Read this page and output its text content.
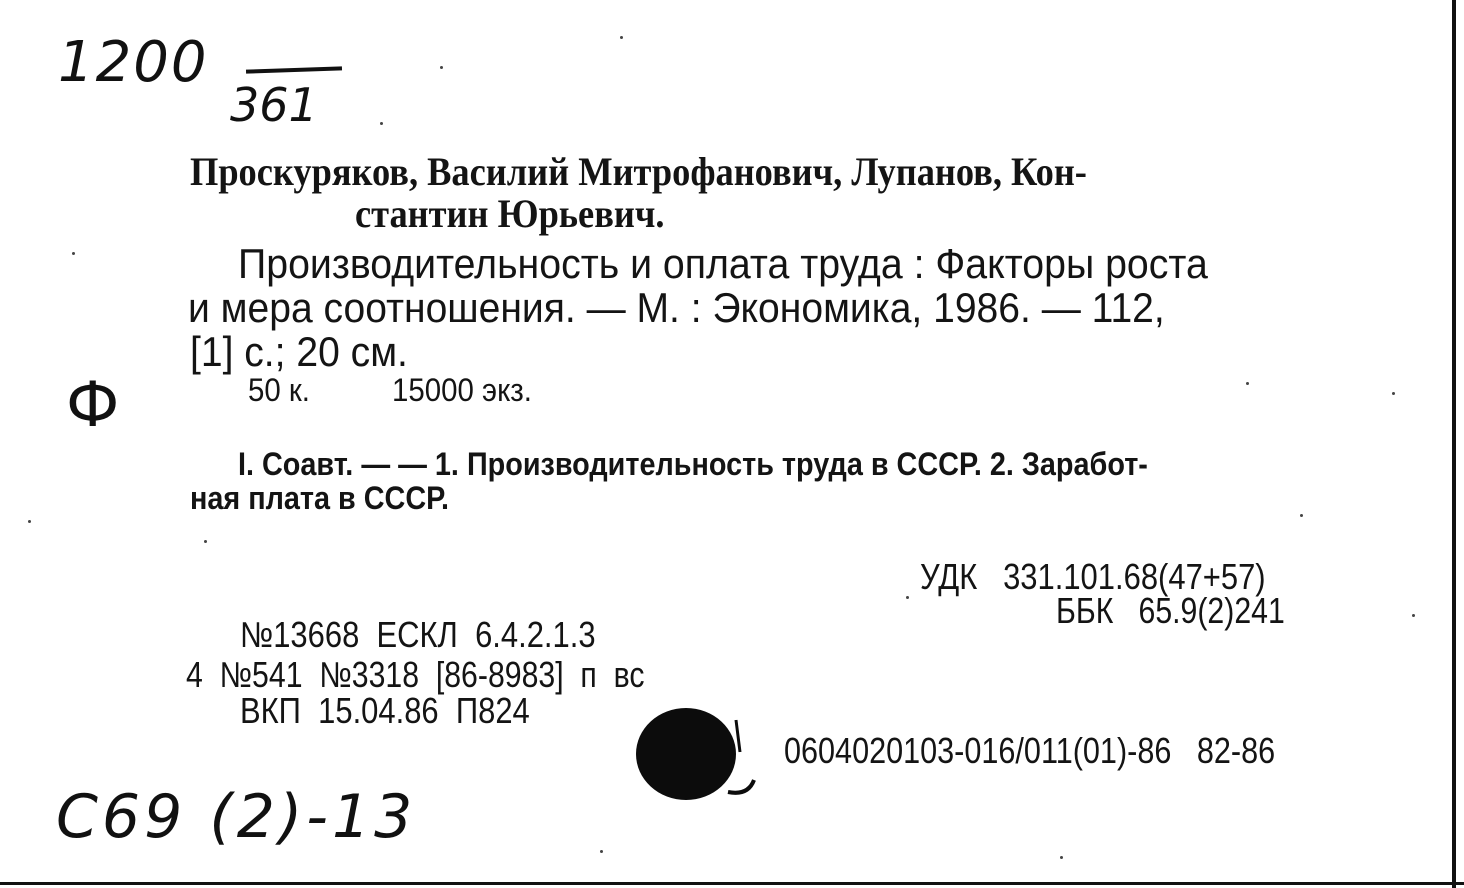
1200
361
Проскуряков, Василий Митрофанович, Лупанов, Кон-
стантин Юрьевич.
Производительность и оплата труда : Факторы роста
и мера соотношения. — М. : Экономика, 1986. — 112,
[1] с.; 20 см.
Ф	50 к.	15000 экз.
I. Соавт. — — 1. Производительность труда в СССР. 2. Заработ-
ная плата в СССР.
УДК   331.101.68(47+57)
ББК   65.9(2)241
№13668  ЕСКЛ  6.4.2.1.3
4  №541  №3318  [86-8983]  п  вс
ВКП  15.04.86  П824
0604020103-016/011(01)-86   82-86
С69 (2)-13
